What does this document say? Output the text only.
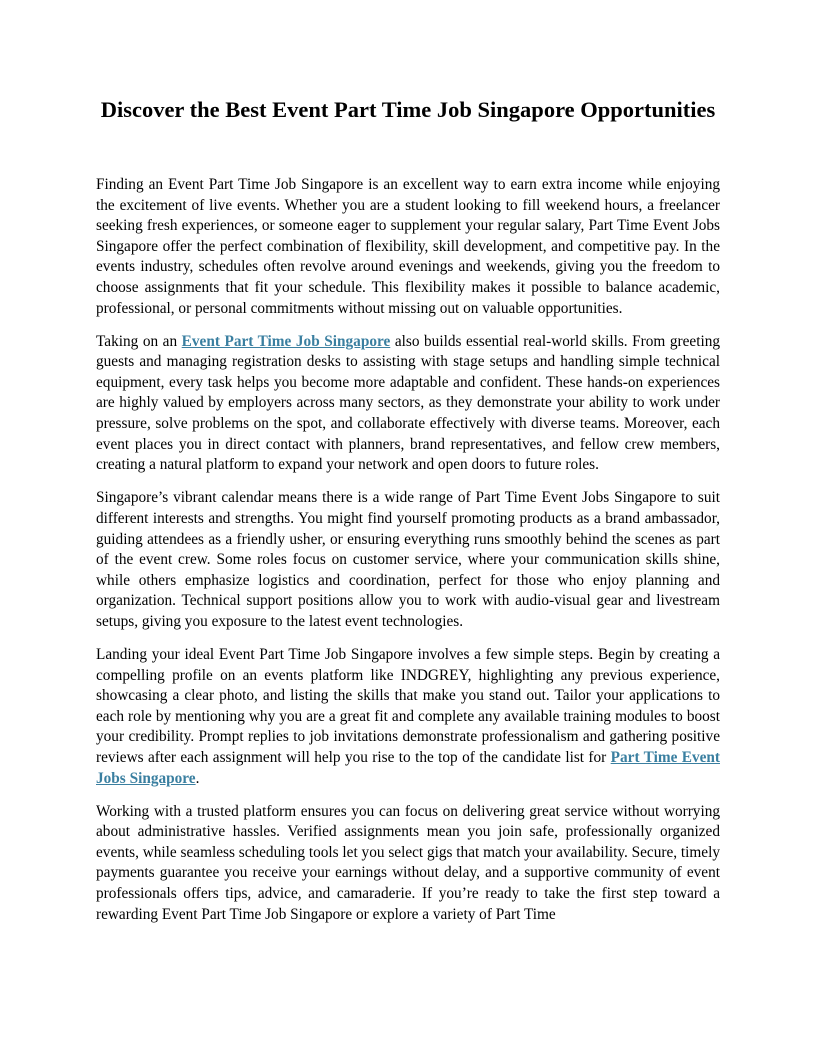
Discover the Best Event Part Time Job Singapore Opportunities

Finding an Event Part Time Job Singapore is an excellent way to earn extra income while enjoying the excitement of live events. Whether you are a student looking to fill weekend hours, a freelancer seeking fresh experiences, or someone eager to supplement your regular salary, Part Time Event Jobs Singapore offer the perfect combination of flexibility, skill development, and competitive pay. In the events industry, schedules often revolve around evenings and weekends, giving you the freedom to choose assignments that fit your schedule. This flexibility makes it possible to balance academic, professional, or personal commitments without missing out on valuable opportunities.

Taking on an Event Part Time Job Singapore also builds essential real-world skills. From greeting guests and managing registration desks to assisting with stage setups and handling simple technical equipment, every task helps you become more adaptable and confident. These hands-on experiences are highly valued by employers across many sectors, as they demonstrate your ability to work under pressure, solve problems on the spot, and collaborate effectively with diverse teams. Moreover, each event places you in direct contact with planners, brand representatives, and fellow crew members, creating a natural platform to expand your network and open doors to future roles.

Singapore’s vibrant calendar means there is a wide range of Part Time Event Jobs Singapore to suit different interests and strengths. You might find yourself promoting products as a brand ambassador, guiding attendees as a friendly usher, or ensuring everything runs smoothly behind the scenes as part of the event crew. Some roles focus on customer service, where your communication skills shine, while others emphasize logistics and coordination, perfect for those who enjoy planning and organization. Technical support positions allow you to work with audio-visual gear and livestream setups, giving you exposure to the latest event technologies.

Landing your ideal Event Part Time Job Singapore involves a few simple steps. Begin by creating a compelling profile on an events platform like INDGREY, highlighting any previous experience, showcasing a clear photo, and listing the skills that make you stand out. Tailor your applications to each role by mentioning why you are a great fit and complete any available training modules to boost your credibility. Prompt replies to job invitations demonstrate professionalism and gathering positive reviews after each assignment will help you rise to the top of the candidate list for Part Time Event Jobs Singapore.

Working with a trusted platform ensures you can focus on delivering great service without worrying about administrative hassles. Verified assignments mean you join safe, professionally organized events, while seamless scheduling tools let you select gigs that match your availability. Secure, timely payments guarantee you receive your earnings without delay, and a supportive community of event professionals offers tips, advice, and camaraderie. If you’re ready to take the first step toward a rewarding Event Part Time Job Singapore or explore a variety of Part Time
